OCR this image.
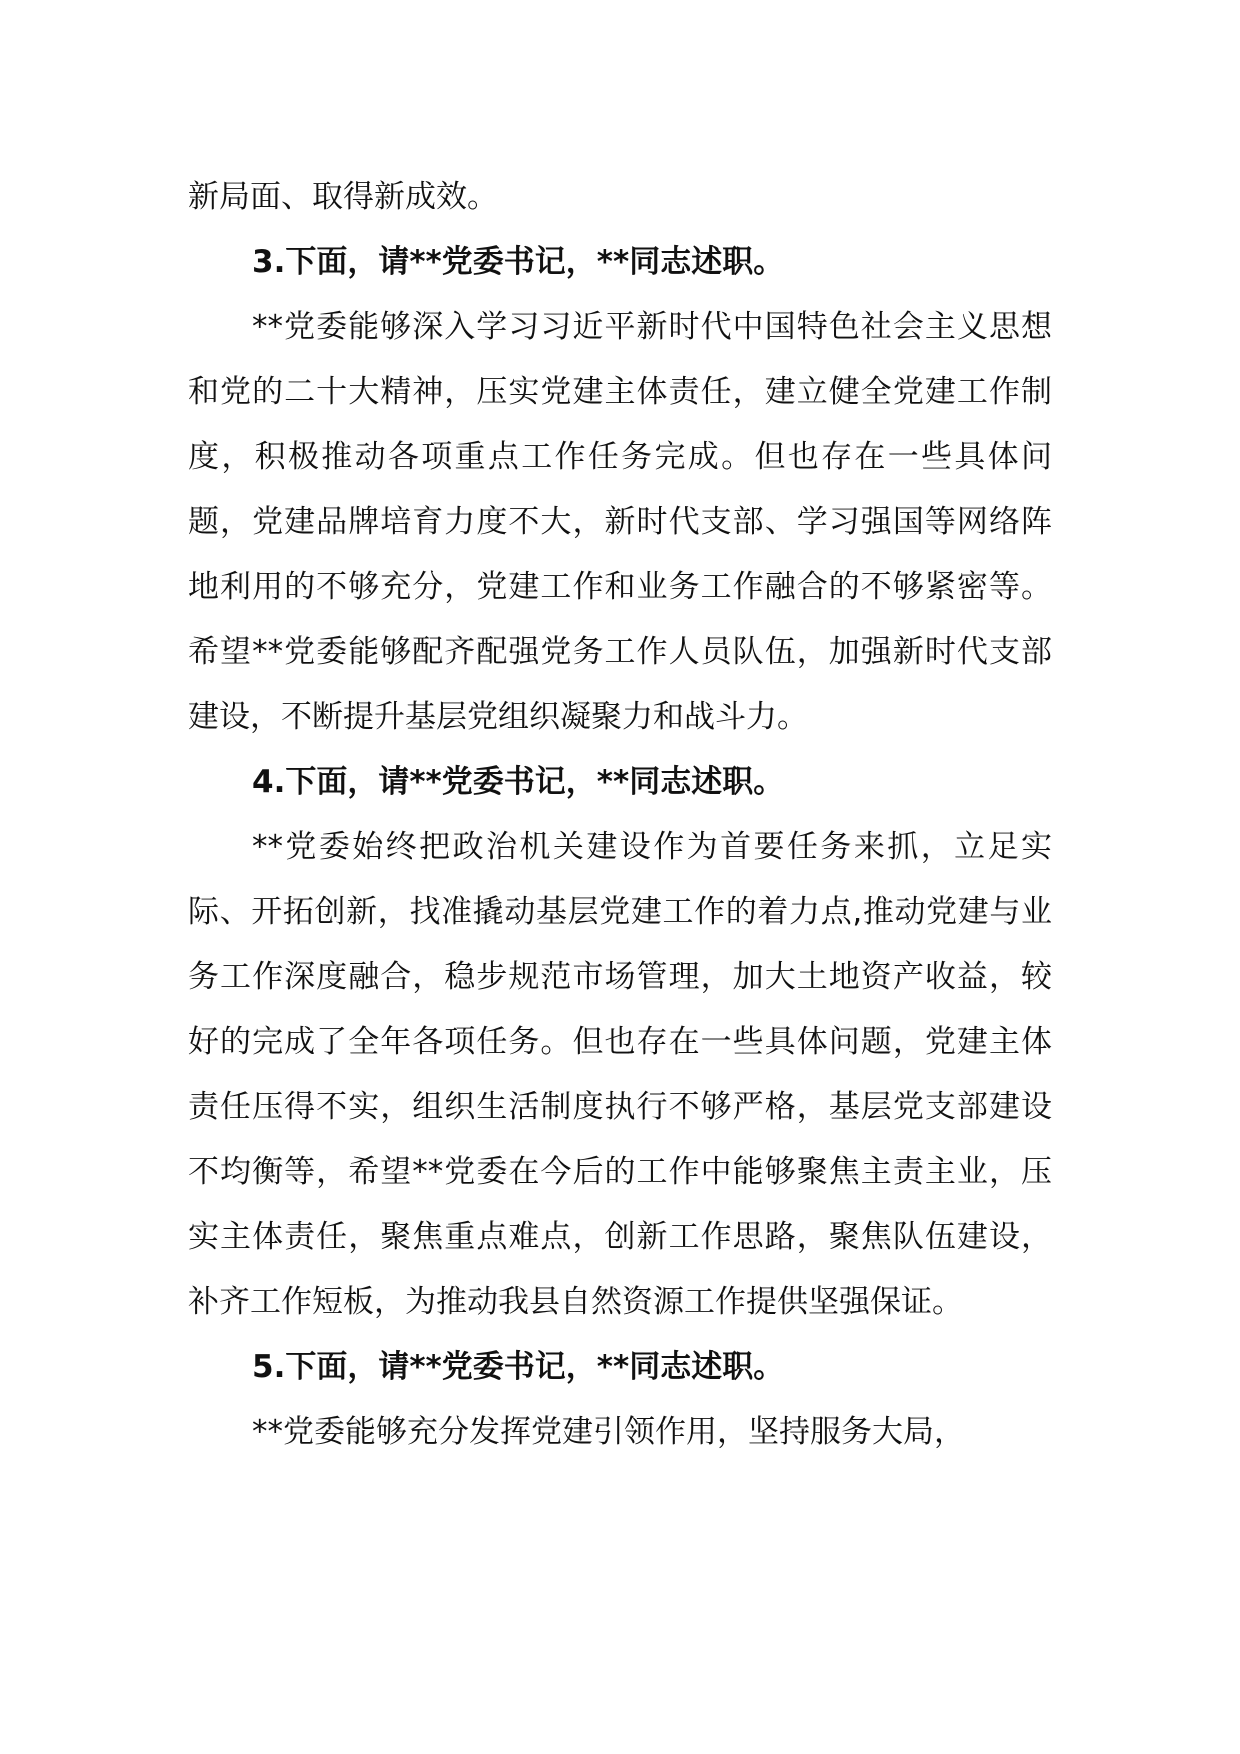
新局面、取得新成效。

3.下面，请**党委书记，**同志述职。

**党委能够深入学习习近平新时代中国特色社会主义思想和党的二十大精神，压实党建主体责任，建立健全党建工作制度，积极推动各项重点工作任务完成。但也存在一些具体问题，党建品牌培育力度不大，新时代支部、学习强国等网络阵地利用的不够充分，党建工作和业务工作融合的不够紧密等。希望**党委能够配齐配强党务工作人员队伍，加强新时代支部建设，不断提升基层党组织凝聚力和战斗力。

4.下面，请**党委书记，**同志述职。

**党委始终把政治机关建设作为首要任务来抓，立足实际、开拓创新，找准撬动基层党建工作的着力点,推动党建与业务工作深度融合，稳步规范市场管理，加大土地资产收益，较好的完成了全年各项任务。但也存在一些具体问题，党建主体责任压得不实，组织生活制度执行不够严格，基层党支部建设不均衡等，希望**党委在今后的工作中能够聚焦主责主业，压实主体责任，聚焦重点难点，创新工作思路，聚焦队伍建设，补齐工作短板，为推动我县自然资源工作提供坚强保证。

5.下面，请**党委书记，**同志述职。

**党委能够充分发挥党建引领作用，坚持服务大局，
